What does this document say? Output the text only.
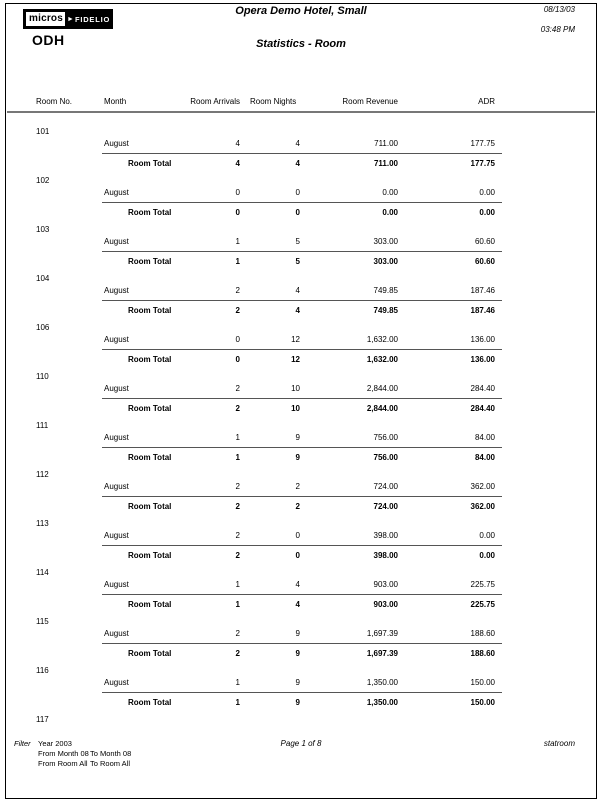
micros ► FIDELIO
ODH
Opera Demo Hotel, Small
Statistics - Room
08/13/03
03:48 PM
Room No.	Month	Room Arrivals	Room Nights	Room Revenue	ADR
101
August	4	4	711.00	177.75
Room Total	4	4	711.00	177.75
102
August	0	0	0.00	0.00
Room Total	0	0	0.00	0.00
103
August	1	5	303.00	60.60
Room Total	1	5	303.00	60.60
104
August	2	4	749.85	187.46
Room Total	2	4	749.85	187.46
106
August	0	12	1,632.00	136.00
Room Total	0	12	1,632.00	136.00
110
August	2	10	2,844.00	284.40
Room Total	2	10	2,844.00	284.40
111
August	1	9	756.00	84.00
Room Total	1	9	756.00	84.00
112
August	2	2	724.00	362.00
Room Total	2	2	724.00	362.00
113
August	2	0	398.00	0.00
Room Total	2	0	398.00	0.00
114
August	1	4	903.00	225.75
Room Total	1	4	903.00	225.75
115
August	2	9	1,697.39	188.60
Room Total	2	9	1,697.39	188.60
116
August	1	9	1,350.00	150.00
Room Total	1	9	1,350.00	150.00
117
Filter Year 2003
From Month 08To Month 08
From Room All To Room All
Page 1 of 8	statroom
